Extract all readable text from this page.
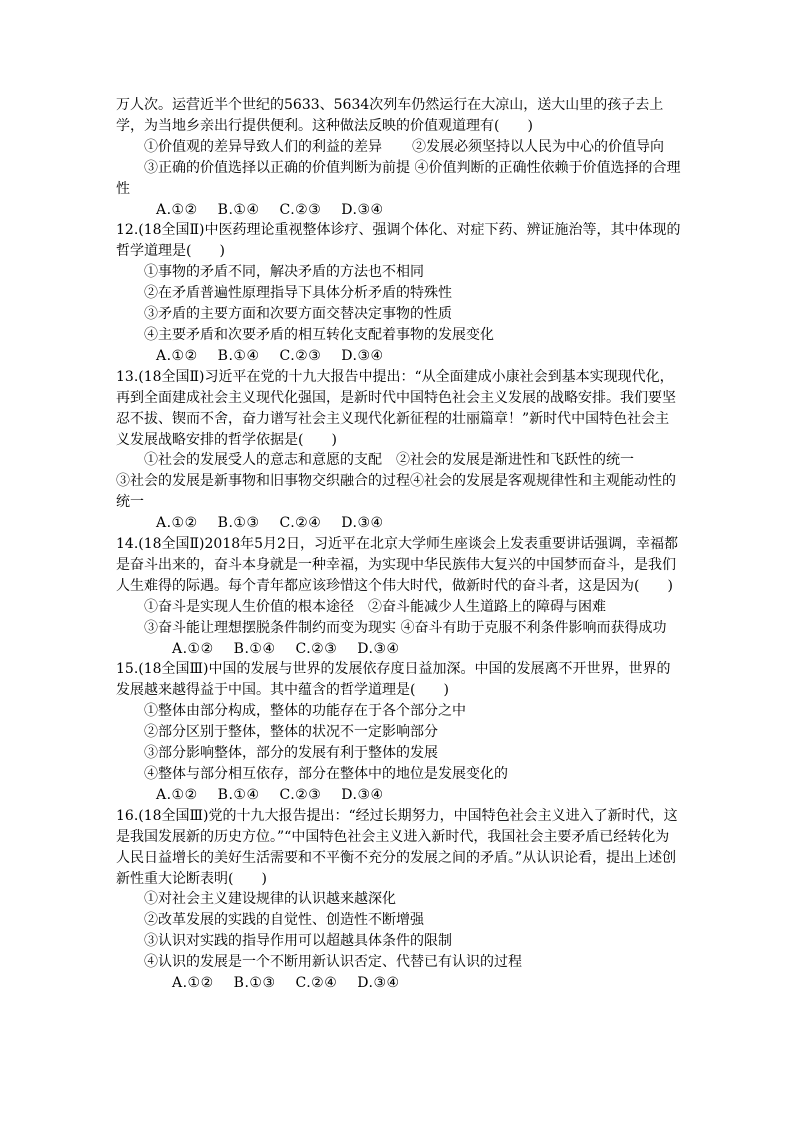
万人次。运营近半个世纪的5633、5634次列车仍然运行在大凉山，送大山里的孩子去上学，为当地乡亲出行提供便利。这种做法反映的价值观道理有(　　)
①价值观的差异导致人们的利益的差异 ②发展必须坚持以人民为中心的价值导向
③正确的价值选择以正确的价值判断为前提 ④价值判断的正确性依赖于价值选择的合理
性
A.①② B.①④ C.②③ D.③④
12.(18全国Ⅱ)中医药理论重视整体诊疗、强调个体化、对症下药、辨证施治等，其中体现的哲学道理是(　　)
①事物的矛盾不同，解决矛盾的方法也不相同
②在矛盾普遍性原理指导下具体分析矛盾的特殊性
③矛盾的主要方面和次要方面交替决定事物的性质
④主要矛盾和次要矛盾的相互转化支配着事物的发展变化
A.①② B.①④ C.②③ D.③④
13.(18全国Ⅱ)习近平在党的十九大报告中提出：“从全面建成小康社会到基本实现现代化，再到全面建成社会主义现代化强国，是新时代中国特色社会主义发展的战略安排。我们要坚忍不拔、锲而不舍，奋力谱写社会主义现代化新征程的壮丽篇章！”新时代中国特色社会主义发展战略安排的哲学依据是(　　)
①社会的发展受人的意志和意愿的支配 ②社会的发展是渐进性和飞跃性的统一
③社会的发展是新事物和旧事物交织融合的过程④社会的发展是客观规律性和主观能动性的统一
A.①② B.①③ C.②④ D.③④
14.(18全国Ⅱ)2018年5月2日，习近平在北京大学师生座谈会上发表重要讲话强调，幸福都是奋斗出来的，奋斗本身就是一种幸福，为实现中华民族伟大复兴的中国梦而奋斗，是我们人生难得的际遇。每个青年都应该珍惜这个伟大时代，做新时代的奋斗者，这是因为(　　)
①奋斗是实现人生价值的根本途径 ②奋斗能减少人生道路上的障碍与困难
③奋斗能让理想摆脱条件制约而变为现实 ④奋斗有助于克服不利条件影响而获得成功
A.①② B.①④ C.②③ D.③④
15.(18全国Ⅲ)中国的发展与世界的发展依存度日益加深。中国的发展离不开世界，世界的发展越来越得益于中国。其中蕴含的哲学道理是(　　)
①整体由部分构成，整体的功能存在于各个部分之中
②部分区别于整体，整体的状况不一定影响部分
③部分影响整体，部分的发展有利于整体的发展
④整体与部分相互依存，部分在整体中的地位是发展变化的
A.①② B.①④ C.②③ D.③④
16.(18全国Ⅲ)党的十九大报告提出：“经过长期努力，中国特色社会主义进入了新时代，这是我国发展新的历史方位。”“中国特色社会主义进入新时代，我国社会主要矛盾已经转化为人民日益增长的美好生活需要和不平衡不充分的发展之间的矛盾。”从认识论看，提出上述创新性重大论断表明(　　)
①对社会主义建设规律的认识越来越深化
②改革发展的实践的自觉性、创造性不断增强
③认识对实践的指导作用可以超越具体条件的限制
④认识的发展是一个不断用新认识否定、代替已有认识的过程
A.①② B.①③ C.②④ D.③④
